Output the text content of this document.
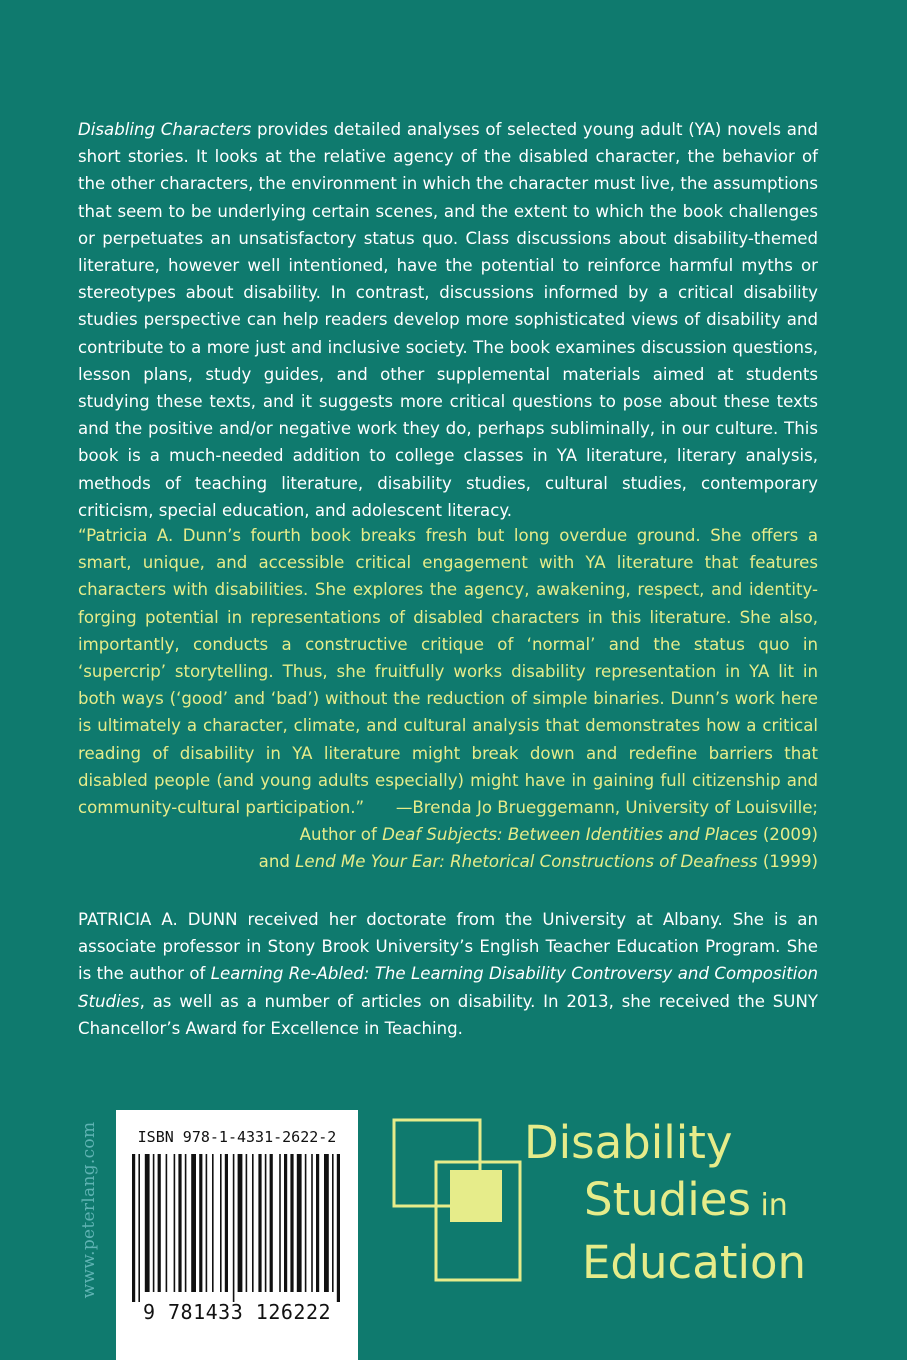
Disabling Characters provides detailed analyses of selected young adult (YA) novels and short stories. It looks at the relative agency of the disabled character, the behavior of the other characters, the environment in which the character must live, the assumptions that seem to be underlying certain scenes, and the extent to which the book challenges or perpetuates an unsatisfactory status quo. Class discussions about disability-themed literature, however well intentioned, have the potential to reinforce harmful myths or stereotypes about disability. In contrast, discussions informed by a critical disability studies perspective can help readers develop more sophisticated views of disability and contribute to a more just and inclusive society. The book examines discussion questions, lesson plans, study guides, and other supplemental materials aimed at students studying these texts, and it suggests more critical questions to pose about these texts and the positive and/or negative work they do, perhaps subliminally, in our culture. This book is a much-needed addition to college classes in YA literature, literary analysis, methods of teaching literature, disability studies, cultural studies, contemporary criticism, special education, and adolescent literacy.

“Patricia A. Dunn’s fourth book breaks fresh but long overdue ground. She offers a smart, unique, and accessible critical engagement with YA literature that features characters with disabilities. She explores the agency, awakening, respect, and identity-forging potential in representations of disabled characters in this literature. She also, importantly, conducts a constructive critique of ‘normal’ and the status quo in ‘supercrip’ storytelling. Thus, she fruitfully works disability representation in YA lit in both ways (‘good’ and ‘bad’) without the reduction of simple binaries. Dunn’s work here is ultimately a character, climate, and cultural analysis that demonstrates how a critical reading of disability in YA literature might break down and redefine barriers that disabled people (and young adults especially) might have in gaining full citizenship and community-cultural participation.”	—Brenda Jo Brueggemann, University of Louisville;
Author of Deaf Subjects: Between Identities and Places (2009)
and Lend Me Your Ear: Rhetorical Constructions of Deafness (1999)

PATRICIA A. DUNN received her doctorate from the University at Albany. She is an associate professor in Stony Brook University’s English Teacher Education Program. She is the author of Learning Re-Abled: The Learning Disability Controversy and Composition Studies, as well as a number of articles on disability. In 2013, she received the SUNY Chancellor’s Award for Excellence in Teaching.

www.peterlang.com	ISBN 978-1-4331-2622-2
9 781433 126222
Disability
Studies in
Education
